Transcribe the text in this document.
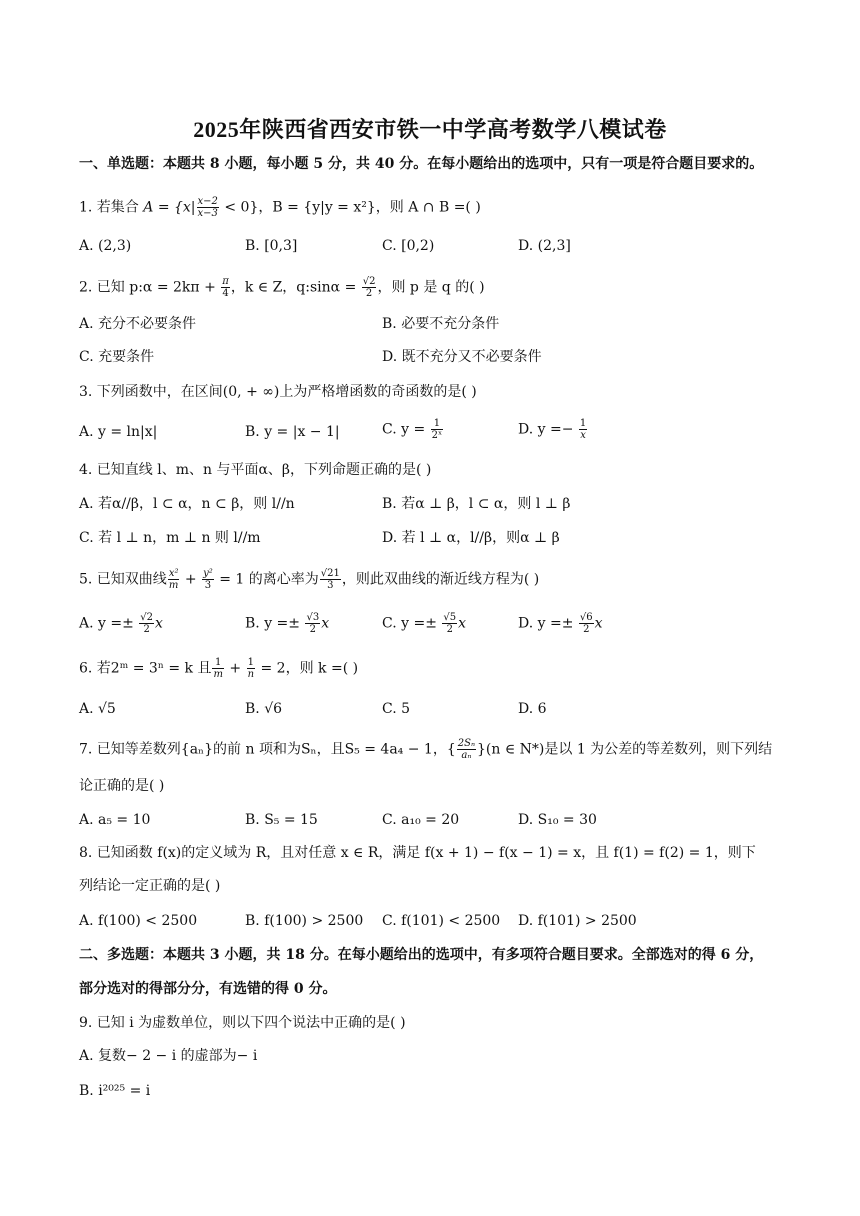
2025年陕西省西安市铁一中学高考数学八模试卷
一、单选题：本题共 8 小题，每小题 5 分，共 40 分。在每小题给出的选项中，只有一项是符合题目要求的。
1. 若集合 $A = \{x| \frac{x-2}{x-3} < 0\}$，B = {y|y = x²}，则 A ∩ B =( )
A. (2,3)	B. [0,3]	C. [0,2)	D. (2,3]
2. 已知 p:α = $2k\pi + \frac{\pi}{4}$ ，k ∈ Z，q:sinα = $\frac{√2}{2}$ ，则 p 是 q 的( )
A. 充分不必要条件	B. 必要不充分条件
C. 充要条件	D. 既不充分又不必要条件
3. 下列函数中，在区间(0, + ∞)上为严格增函数的奇函数的是( )
A. y = ln|x|	B. y = |x − 1|	C. $y = \frac{1}{\text{2ˣ}}$	D. $y =- \frac{1}{x}$
4. 已知直线 l、m、n 与平面α、β，下列命题正确的是( )
A. 若α//β，l ⊂ α，n ⊂ β，则 l//n	B. 若α ⊥ β，l ⊂ α，则 l ⊥ β
C. 若 l ⊥ n，m ⊥ n 则 l//m	D. 若 l ⊥ α，l//β，则α ⊥ β
5. 已知双曲线 $\frac{\text{x²}}{m} + \frac{\text{y²}}{3} = 1$ 的离心率为 $\frac{√21}{3}$ ，则此双曲线的渐近线方程为( )
A. $y =\pm \frac{√2}{2}$ x	B. $y =\pm \frac{√3}{2}$ x	C. $y =\pm \frac{√5}{2}$ x	D. $y =\pm \frac{√6}{2}$ x
6. 若2ᵐ = 3ⁿ = k 且 $\frac{1}{m} + \frac{1}{n} = 2$，则 k =( )
A. √5	B. √6	C. 5	D. 6
7. 已知等差数列{aₙ}的前 n 项和为Sₙ，且S₅ = 4a₄ − 1，{ $\frac{\text{2Sₙ}}{\text{aₙ}} \}(n$ ∈ N*)是以 1 为公差的等差数列，则下列结
论正确的是( )
A. a₅ = 10	B. S₅ = 15	C. a₁₀ = 20	D. S₁₀ = 30
8. 已知函数 f(x)的定义域为 R，且对任意 x ∈ R，满足 f(x + 1) − f(x − 1) = x，且 f(1) = f(2) = 1，则下
列结论一定正确的是( )
A. f(100) < 2500	B. f(100) > 2500 C. f(101) < 2500 D. f(101) > 2500
二、多选题：本题共 3 小题，共 18 分。在每小题给出的选项中，有多项符合题目要求。全部选对的得 6 分，
部分选对的得部分分，有选错的得 0 分。
9. 已知 i 为虚数单位，则以下四个说法中正确的是( )
A. 复数− 2 − i 的虚部为− i
B. i²⁰²⁵ = i
